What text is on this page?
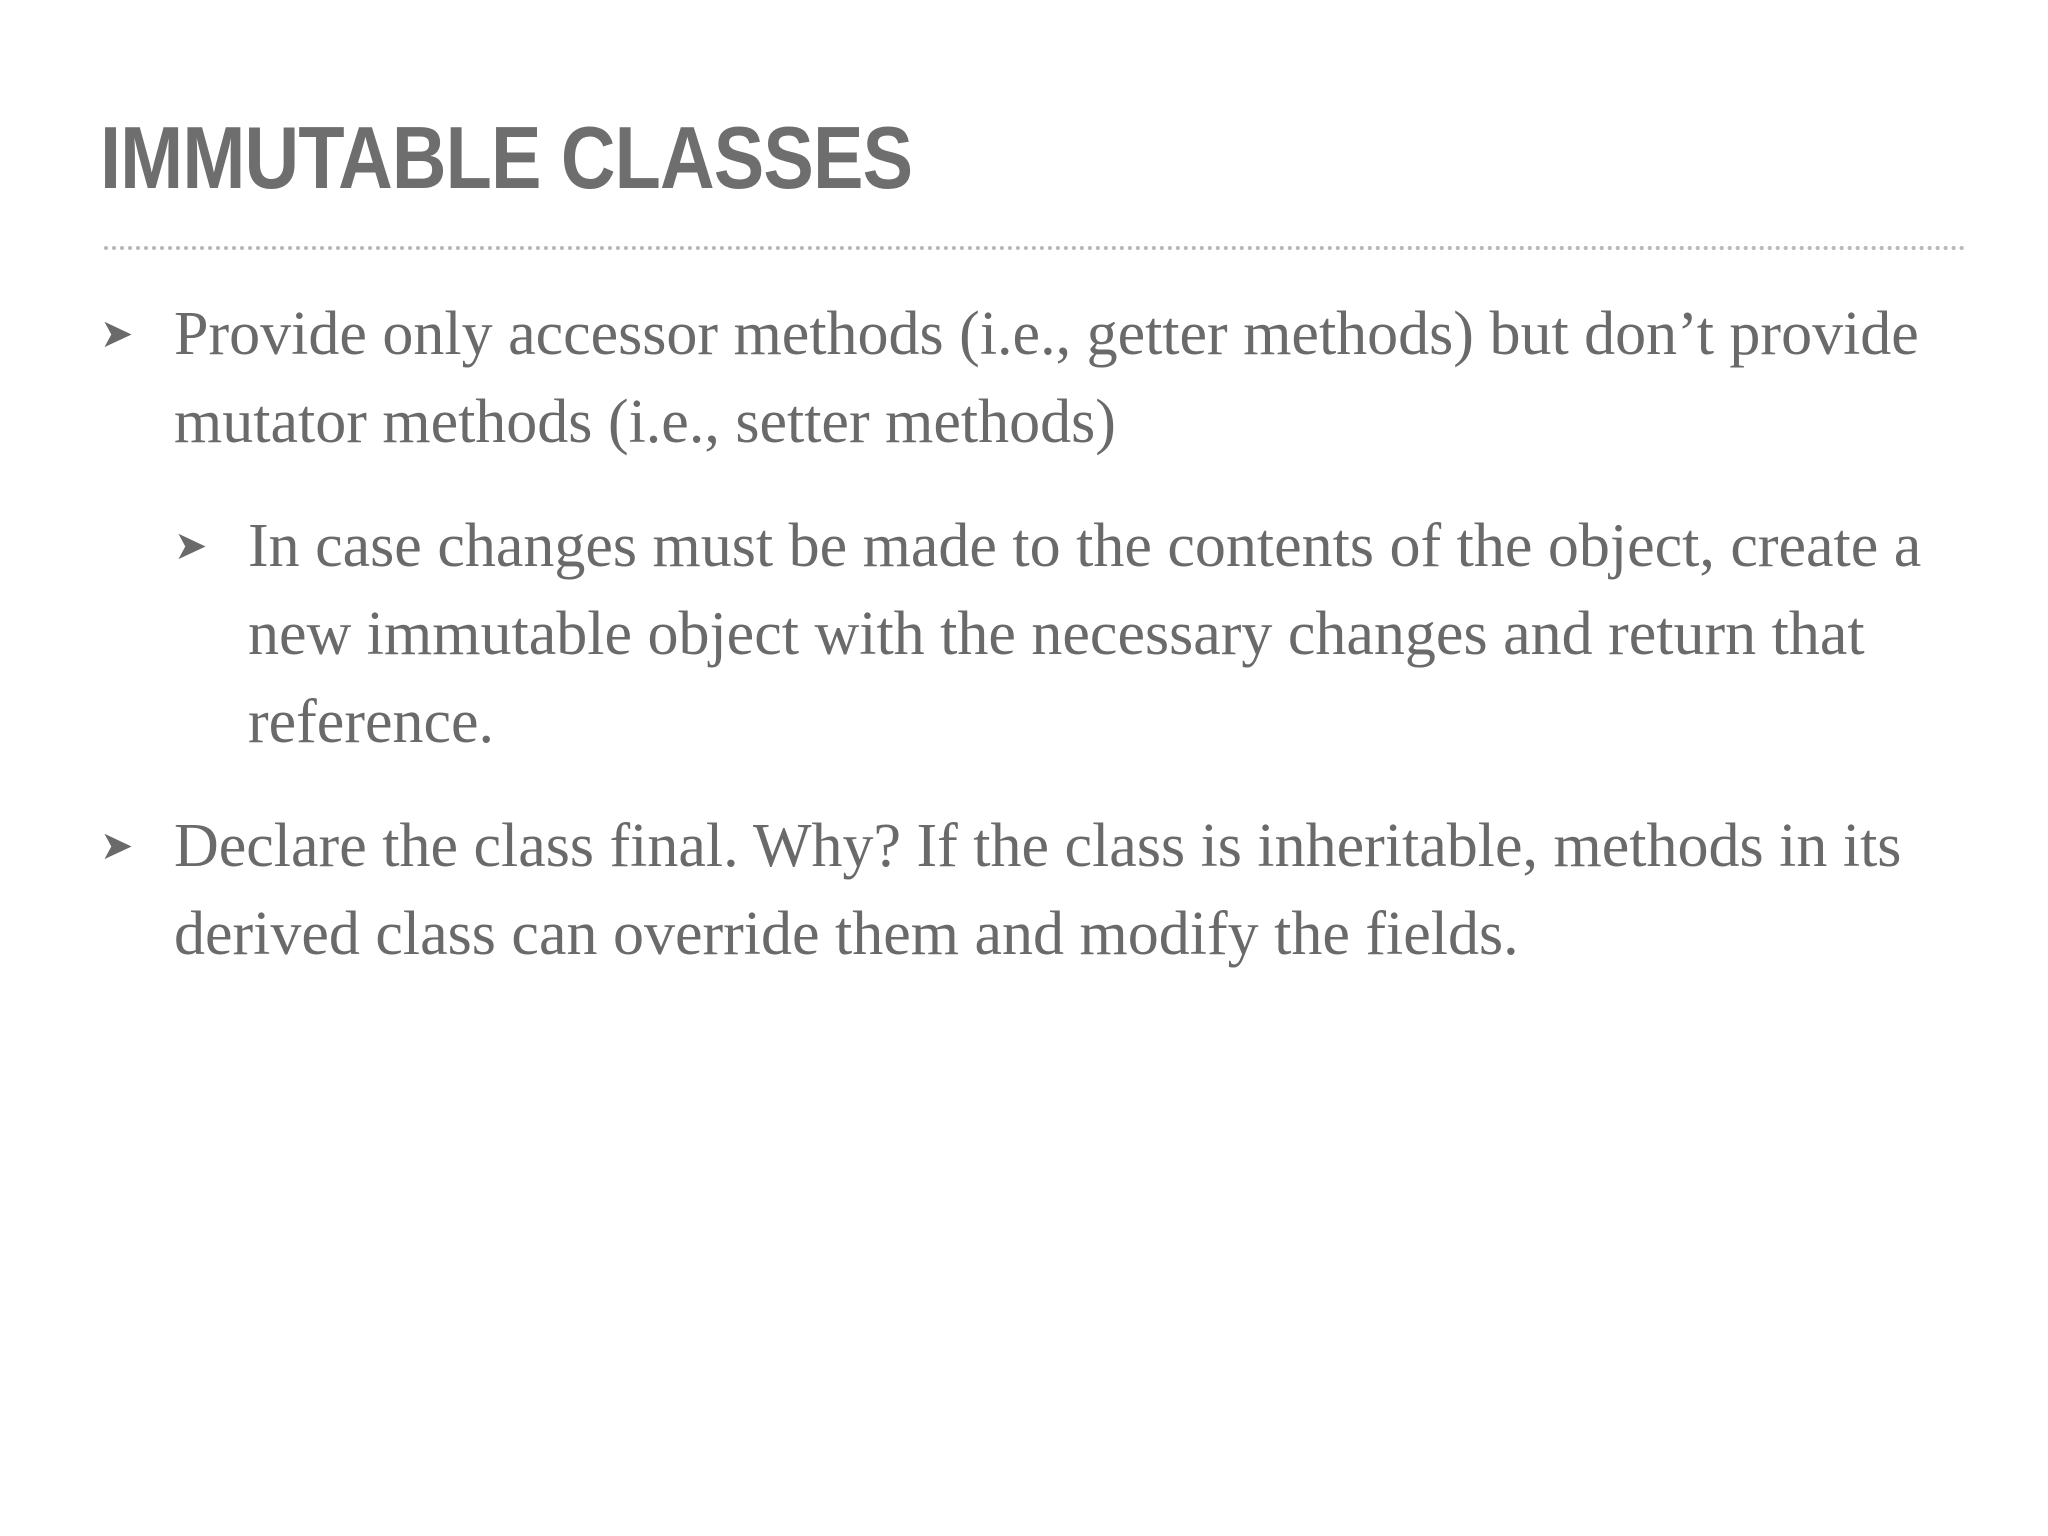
IMMUTABLE CLASSES
➤ Provide only accessor methods (i.e., getter methods) but don’t provide mutator methods (i.e., setter methods)
➤ In case changes must be made to the contents of the object, create a new immutable object with the necessary changes and return that reference.
➤ Declare the class final. Why? If the class is inheritable, methods in its derived class can override them and modify the fields.
